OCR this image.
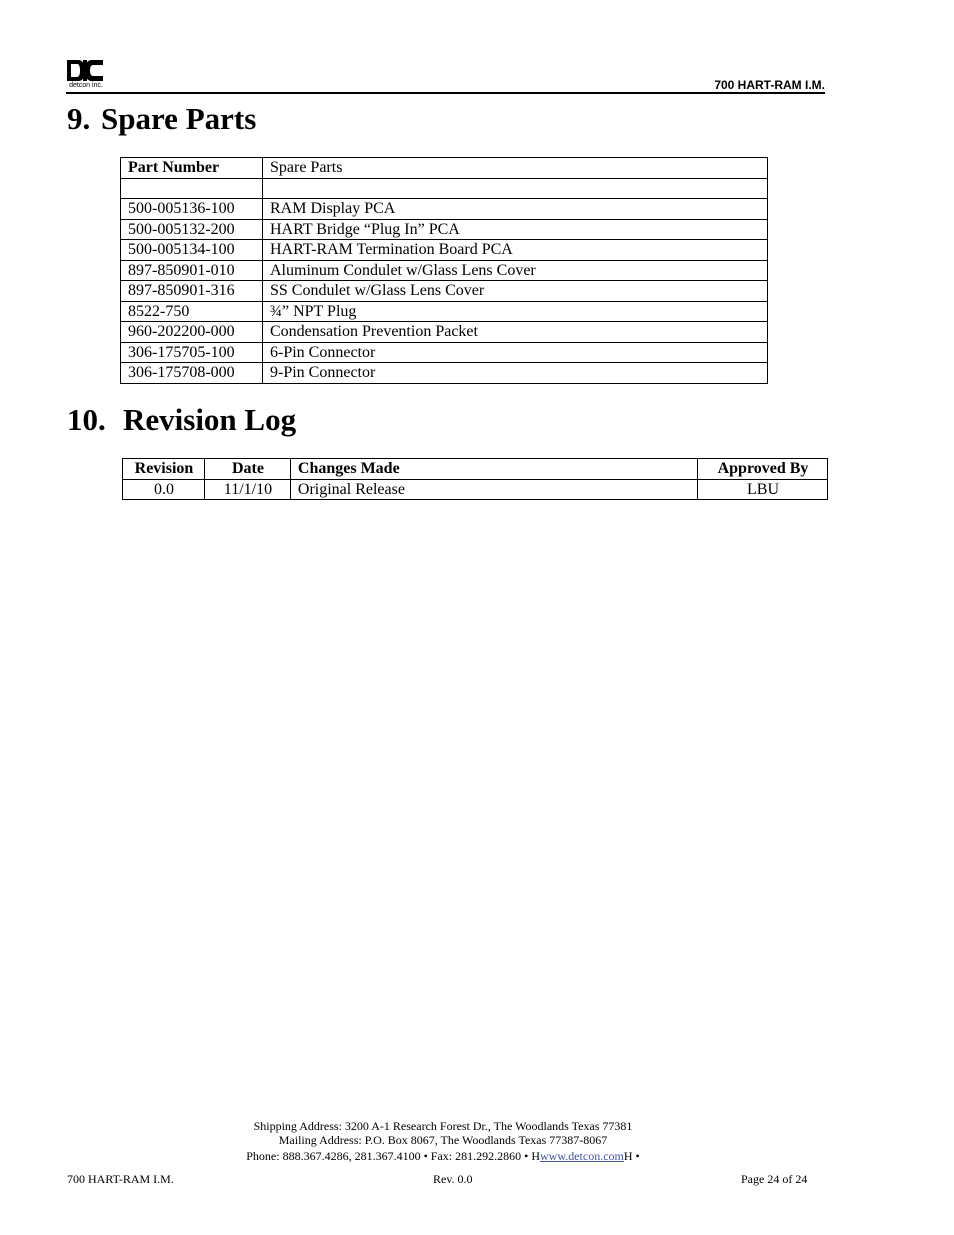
detcon inc.	700 HART-RAM I.M.
9. Spare Parts
Part Number	Spare Parts

500-005136-100	RAM Display PCA
500-005132-200	HART Bridge “Plug In” PCA
500-005134-100	HART-RAM Termination Board PCA
897-850901-010	Aluminum Condulet w/Glass Lens Cover
897-850901-316	SS Condulet w/Glass Lens Cover
8522-750	¾” NPT Plug
960-202200-000	Condensation Prevention Packet
306-175705-100	6-Pin Connector
306-175708-000	9-Pin Connector
10. Revision Log
Revision	Date	Changes Made	Approved By
0.0	11/1/10	Original Release	LBU
Shipping Address: 3200 A-1 Research Forest Dr., The Woodlands Texas 77381
Mailing Address: P.O. Box 8067, The Woodlands Texas 77387-8067
Phone: 888.367.4286, 281.367.4100 • Fax: 281.292.2860 • Hwww.detcon.comH •
700 HART-RAM I.M.	Rev. 0.0	Page 24 of 24
